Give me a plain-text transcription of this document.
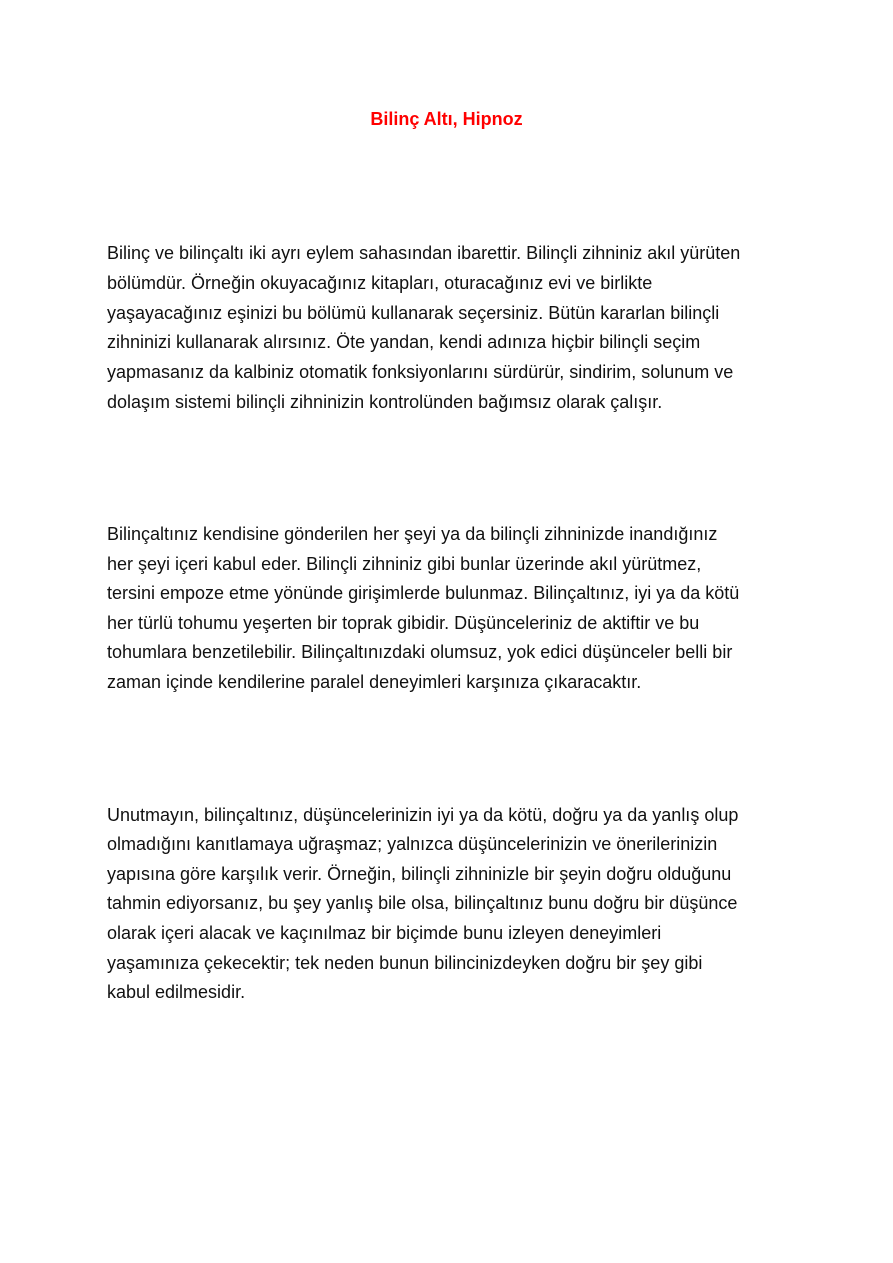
Bilinç Altı, Hipnoz

Bilinç ve bilinçaltı iki ayrı eylem sahasından ibarettir. Bilinçli zihniniz akıl yürüten

bölümdür. Örneğin okuyacağınız kitapları, oturacağınız evi ve birlikte

yaşayacağınız eşinizi bu bölümü kullanarak seçersiniz. Bütün kararlan bilinçli

zihninizi kullanarak alırsınız. Öte yandan, kendi adınıza hiçbir bilinçli seçim

yapmasanız da kalbiniz otomatik fonksiyonlarını sürdürür, sindirim, solunum ve

dolaşım sistemi bilinçli zihninizin kontrolünden bağımsız olarak çalışır.

Bilinçaltınız kendisine gönderilen her şeyi ya da bilinçli zihninizde inandığınız

her şeyi içeri kabul eder. Bilinçli zihniniz gibi bunlar üzerinde akıl yürütmez,

tersini empoze etme yönünde girişimlerde bulunmaz. Bilinçaltınız, iyi ya da kötü

her türlü tohumu yeşerten bir toprak gibidir. Düşünceleriniz de aktiftir ve bu

tohumlara benzetilebilir. Bilinçaltınızdaki olumsuz, yok edici düşünceler belli bir

zaman içinde kendilerine paralel deneyimleri karşınıza çıkaracaktır.

Unutmayın, bilinçaltınız, düşüncelerinizin iyi ya da kötü, doğru ya da yanlış olup

olmadığını kanıtlamaya uğraşmaz; yalnızca düşüncelerinizin ve önerilerinizin

yapısına göre karşılık verir. Örneğin, bilinçli zihninizle bir şeyin doğru olduğunu

tahmin ediyorsanız, bu şey yanlış bile olsa, bilinçaltınız bunu doğru bir düşünce

olarak içeri alacak ve kaçınılmaz bir biçimde bunu izleyen deneyimleri

yaşamınıza çekecektir; tek neden bunun bilincinizdeyken doğru bir şey gibi

kabul edilmesidir.
